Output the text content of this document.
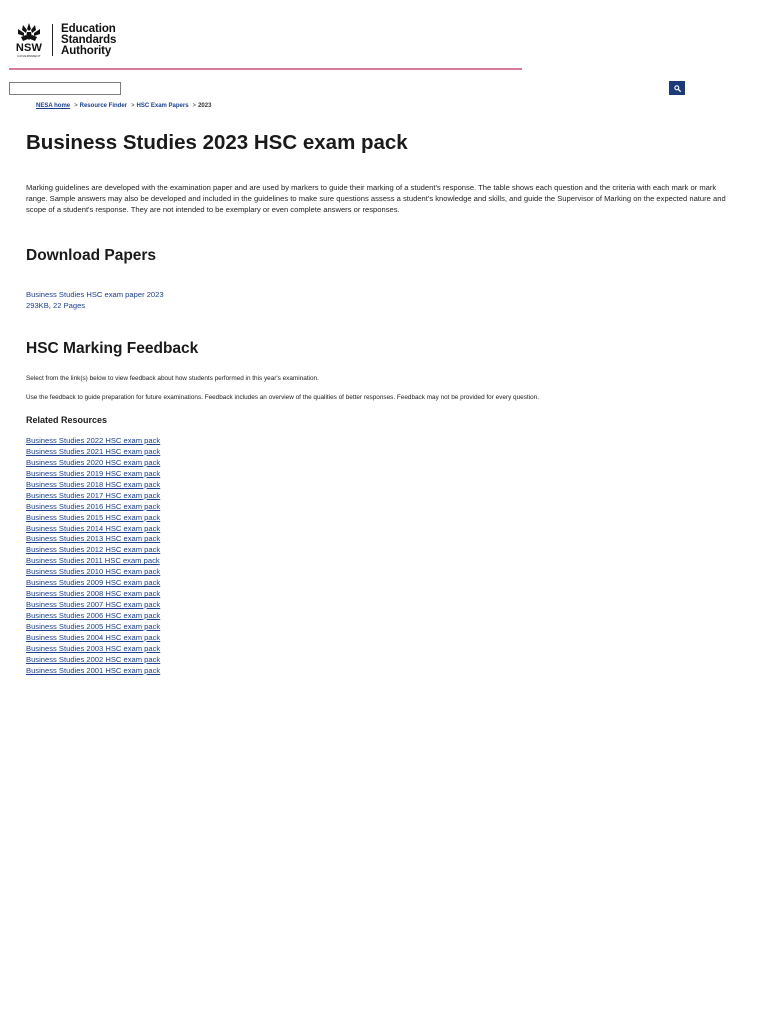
NSW
GOVERNMENT
Education
Standards
Authority
NESA home > Resource Finder > HSC Exam Papers > 2023
Business Studies 2023 HSC exam pack

Marking guidelines are developed with the examination paper and are used by markers to guide their marking of a student's response. The table shows each question and the criteria with each mark or mark range. Sample answers may also be developed and included in the guidelines to make sure questions assess a student's knowledge and skills, and guide the Supervisor of Marking on the expected nature and scope of a student's response. They are not intended to be exemplary or even complete answers or responses.

Download Papers
Business Studies HSC exam paper 2023
293KB, 22 Pages
HSC Marking Feedback

Select from the link(s) below to view feedback about how students performed in this year's examination.

Use the feedback to guide preparation for future examinations. Feedback includes an overview of the qualities of better responses. Feedback may not be provided for every question.

Related Resources
Business Studies 2022 HSC exam pack
Business Studies 2021 HSC exam pack
Business Studies 2020 HSC exam pack
Business Studies 2019 HSC exam pack
Business Studies 2018 HSC exam pack
Business Studies 2017 HSC exam pack
Business Studies 2016 HSC exam pack
Business Studies 2015 HSC exam pack
Business Studies 2014 HSC exam pack
Business Studies 2013 HSC exam pack
Business Studies 2012 HSC exam pack
Business Studies 2011 HSC exam pack
Business Studies 2010 HSC exam pack
Business Studies 2009 HSC exam pack
Business Studies 2008 HSC exam pack
Business Studies 2007 HSC exam pack
Business Studies 2006 HSC exam pack
Business Studies 2005 HSC exam pack
Business Studies 2004 HSC exam pack
Business Studies 2003 HSC exam pack
Business Studies 2002 HSC exam pack
Business Studies 2001 HSC exam pack
